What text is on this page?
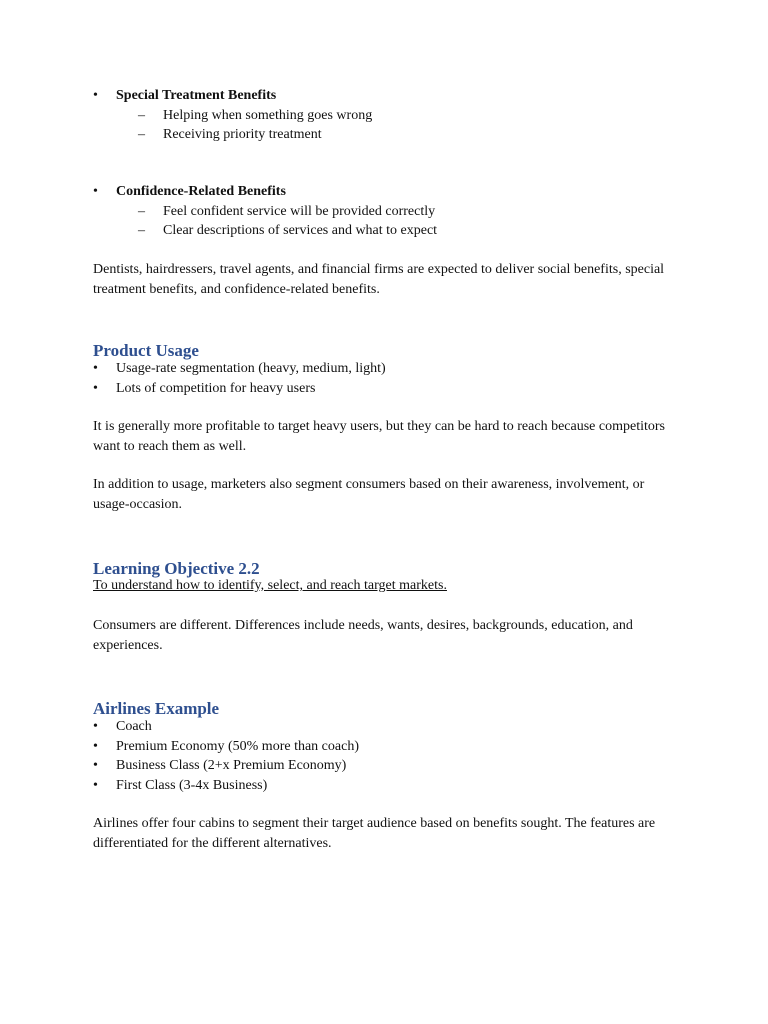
• Special Treatment Benefits
– Helping when something goes wrong
– Receiving priority treatment
• Confidence-Related Benefits
– Feel confident service will be provided correctly
– Clear descriptions of services and what to expect
Dentists, hairdressers, travel agents, and financial firms are expected to deliver social benefits, special treatment benefits, and confidence-related benefits.
Product Usage
• Usage-rate segmentation (heavy, medium, light)
• Lots of competition for heavy users
It is generally more profitable to target heavy users, but they can be hard to reach because competitors want to reach them as well.
In addition to usage, marketers also segment consumers based on their awareness, involvement, or usage-occasion.
Learning Objective 2.2
To understand how to identify, select, and reach target markets.
Consumers are different. Differences include needs, wants, desires, backgrounds, education, and experiences.
Airlines Example
• Coach
• Premium Economy (50% more than coach)
• Business Class (2+x Premium Economy)
• First Class (3-4x Business)
Airlines offer four cabins to segment their target audience based on benefits sought. The features are differentiated for the different alternatives.
